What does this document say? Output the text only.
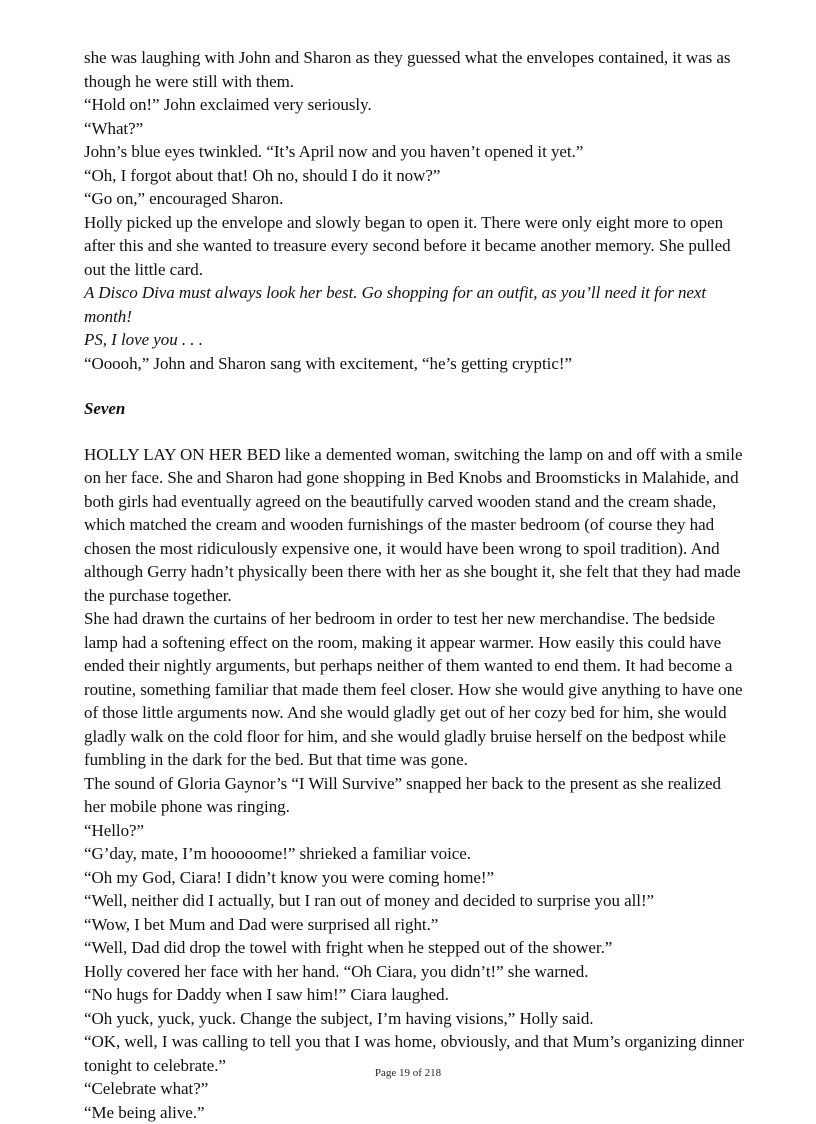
she was laughing with John and Sharon as they guessed what the envelopes contained, it was as though he were still with them.

“Hold on!” John exclaimed very seriously.

“What?”

John’s blue eyes twinkled. “It’s April now and you haven’t opened it yet.”

“Oh, I forgot about that! Oh no, should I do it now?”

“Go on,” encouraged Sharon.

Holly picked up the envelope and slowly began to open it. There were only eight more to open after this and she wanted to treasure every second before it became another memory. She pulled out the little card.

A Disco Diva must always look her best. Go shopping for an outfit, as you’ll need it for next month!

PS, I love you . . .

“Ooooh,” John and Sharon sang with excitement, “he’s getting cryptic!”

Seven

HOLLY LAY ON HER BED like a demented woman, switching the lamp on and off with a smile on her face. She and Sharon had gone shopping in Bed Knobs and Broomsticks in Malahide, and both girls had eventually agreed on the beautifully carved wooden stand and the cream shade, which matched the cream and wooden furnishings of the master bedroom (of course they had chosen the most ridiculously expensive one, it would have been wrong to spoil tradition). And although Gerry hadn’t physically been there with her as she bought it, she felt that they had made the purchase together.

She had drawn the curtains of her bedroom in order to test her new merchandise. The bedside lamp had a softening effect on the room, making it appear warmer. How easily this could have ended their nightly arguments, but perhaps neither of them wanted to end them. It had become a routine, something familiar that made them feel closer. How she would give anything to have one of those little arguments now. And she would gladly get out of her cozy bed for him, she would gladly walk on the cold floor for him, and she would gladly bruise herself on the bedpost while fumbling in the dark for the bed. But that time was gone.

The sound of Gloria Gaynor’s “I Will Survive” snapped her back to the present as she realized her mobile phone was ringing.

“Hello?”

“G’day, mate, I’m hooooome!” shrieked a familiar voice.

“Oh my God, Ciara! I didn’t know you were coming home!”

“Well, neither did I actually, but I ran out of money and decided to surprise you all!”

“Wow, I bet Mum and Dad were surprised all right.”

“Well, Dad did drop the towel with fright when he stepped out of the shower.”

Holly covered her face with her hand. “Oh Ciara, you didn’t!” she warned.

“No hugs for Daddy when I saw him!” Ciara laughed.

“Oh yuck, yuck, yuck. Change the subject, I’m having visions,” Holly said.

“OK, well, I was calling to tell you that I was home, obviously, and that Mum’s organizing dinner tonight to celebrate.”

“Celebrate what?”

“Me being alive.”

Page 19 of 218
